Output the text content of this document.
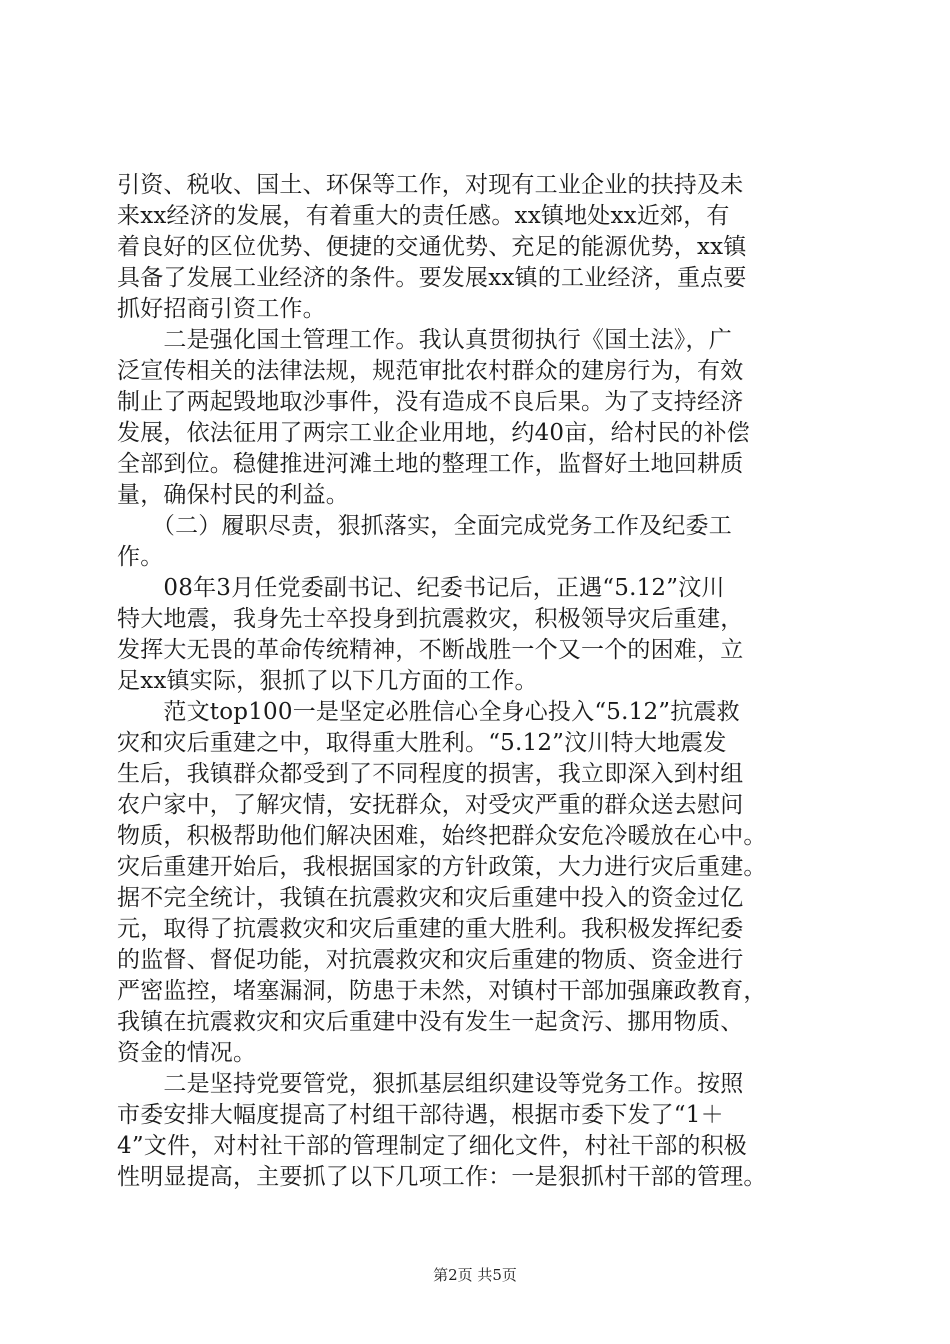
引资、税收、国土、环保等工作，对现有工业企业的扶持及未
来xx经济的发展，有着重大的责任感。xx镇地处xx近郊，有
着良好的区位优势、便捷的交通优势、充足的能源优势，xx镇
具备了发展工业经济的条件。要发展xx镇的工业经济，重点要
抓好招商引资工作。
　　二是强化国土管理工作。我认真贯彻执行《国土法》，广
泛宣传相关的法律法规，规范审批农村群众的建房行为，有效
制止了两起毁地取沙事件，没有造成不良后果。为了支持经济
发展，依法征用了两宗工业企业用地，约40亩，给村民的补偿
全部到位。稳健推进河滩土地的整理工作，监督好土地回耕质
量，确保村民的利益。
　　（二）履职尽责，狠抓落实，全面完成党务工作及纪委工
作。
　　08年3月任党委副书记、纪委书记后，正遇“5.12”汶川
特大地震，我身先士卒投身到抗震救灾，积极领导灾后重建，
发挥大无畏的革命传统精神，不断战胜一个又一个的困难，立
足xx镇实际，狠抓了以下几方面的工作。
　　范文top100一是坚定必胜信心全身心投入“5.12”抗震救
灾和灾后重建之中，取得重大胜利。“5.12”汶川特大地震发
生后，我镇群众都受到了不同程度的损害，我立即深入到村组
农户家中，了解灾情，安抚群众，对受灾严重的群众送去慰问
物质，积极帮助他们解决困难，始终把群众安危冷暖放在心中。
灾后重建开始后，我根据国家的方针政策，大力进行灾后重建。
据不完全统计，我镇在抗震救灾和灾后重建中投入的资金过亿
元，取得了抗震救灾和灾后重建的重大胜利。我积极发挥纪委
的监督、督促功能，对抗震救灾和灾后重建的物质、资金进行
严密监控，堵塞漏洞，防患于未然，对镇村干部加强廉政教育，
我镇在抗震救灾和灾后重建中没有发生一起贪污、挪用物质、
资金的情况。
　　二是坚持党要管党，狠抓基层组织建设等党务工作。按照
市委安排大幅度提高了村组干部待遇，根据市委下发了“1＋
4”文件，对村社干部的管理制定了细化文件，村社干部的积极
性明显提高，主要抓了以下几项工作：一是狠抓村干部的管理。
第2页 共5页
